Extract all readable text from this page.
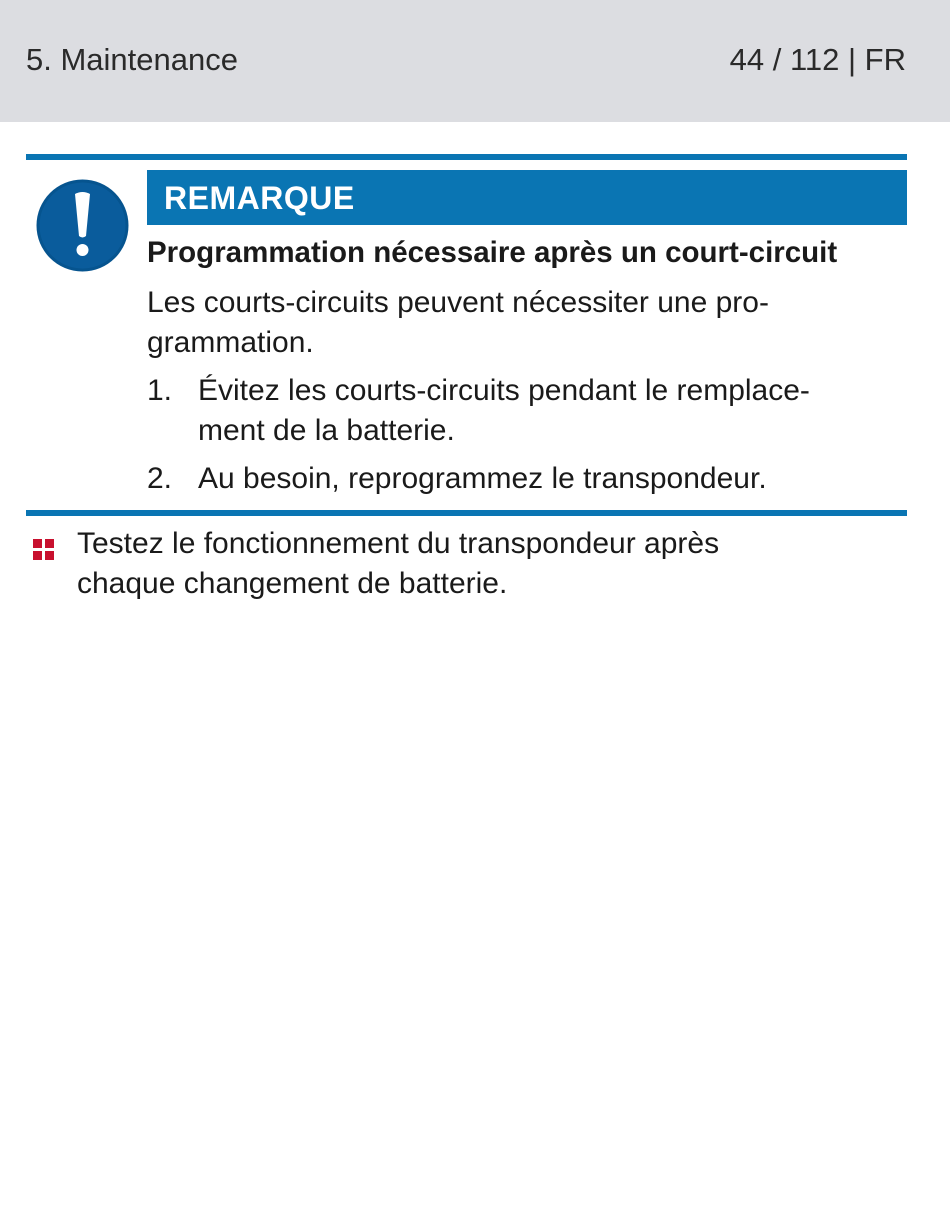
5. Maintenance	44 / 112 | FR
REMARQUE
Programmation nécessaire après un court-circuit
Les courts-circuits peuvent nécessiter une pro-
grammation.
1. Évitez les courts-circuits pendant le remplace-
ment de la batterie.
2. Au besoin, reprogrammez le transpondeur.
Testez le fonctionnement du transpondeur après
chaque changement de batterie.
